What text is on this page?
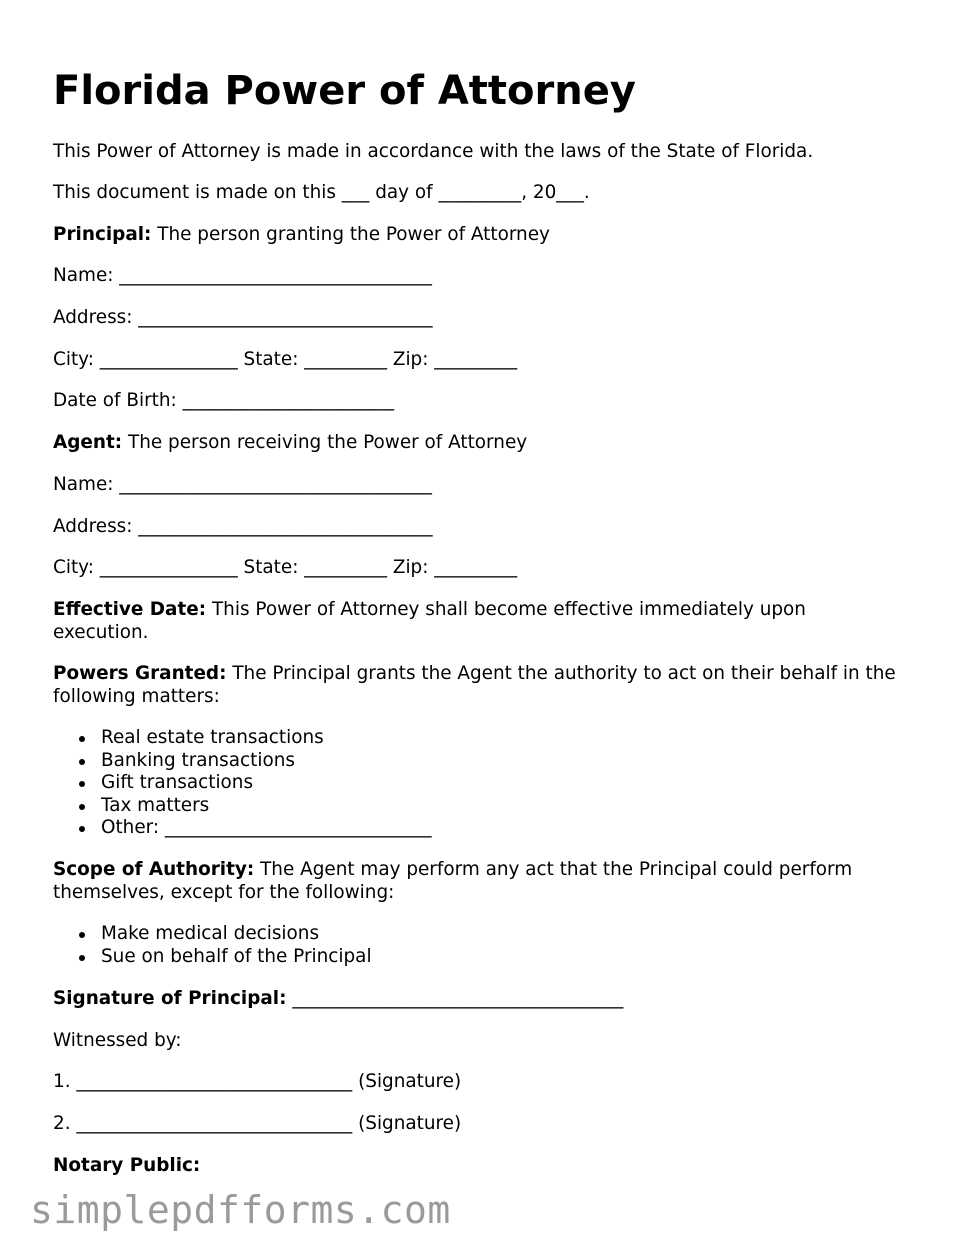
Florida Power of Attorney

This Power of Attorney is made in accordance with the laws of the State of Florida.

This document is made on this ___ day of _________, 20___.

Principal: The person granting the Power of Attorney

Name: __________________________________

Address: ________________________________

City: _______________ State: _________ Zip: _________

Date of Birth: _______________________

Agent: The person receiving the Power of Attorney

Name: __________________________________

Address: ________________________________

City: _______________ State: _________ Zip: _________

Effective Date: This Power of Attorney shall become effective immediately upon execution.

Powers Granted: The Principal grants the Agent the authority to act on their behalf in the following matters:

Real estate transactions
Banking transactions
Gift transactions
Tax matters
Other: _____________________________

Scope of Authority: The Agent may perform any act that the Principal could perform themselves, except for the following:

Make medical decisions
Sue on behalf of the Principal

Signature of Principal: ____________________________________

Witnessed by:

1. ______________________________ (Signature)

2. ______________________________ (Signature)

Notary Public:

simplepdfforms.com
